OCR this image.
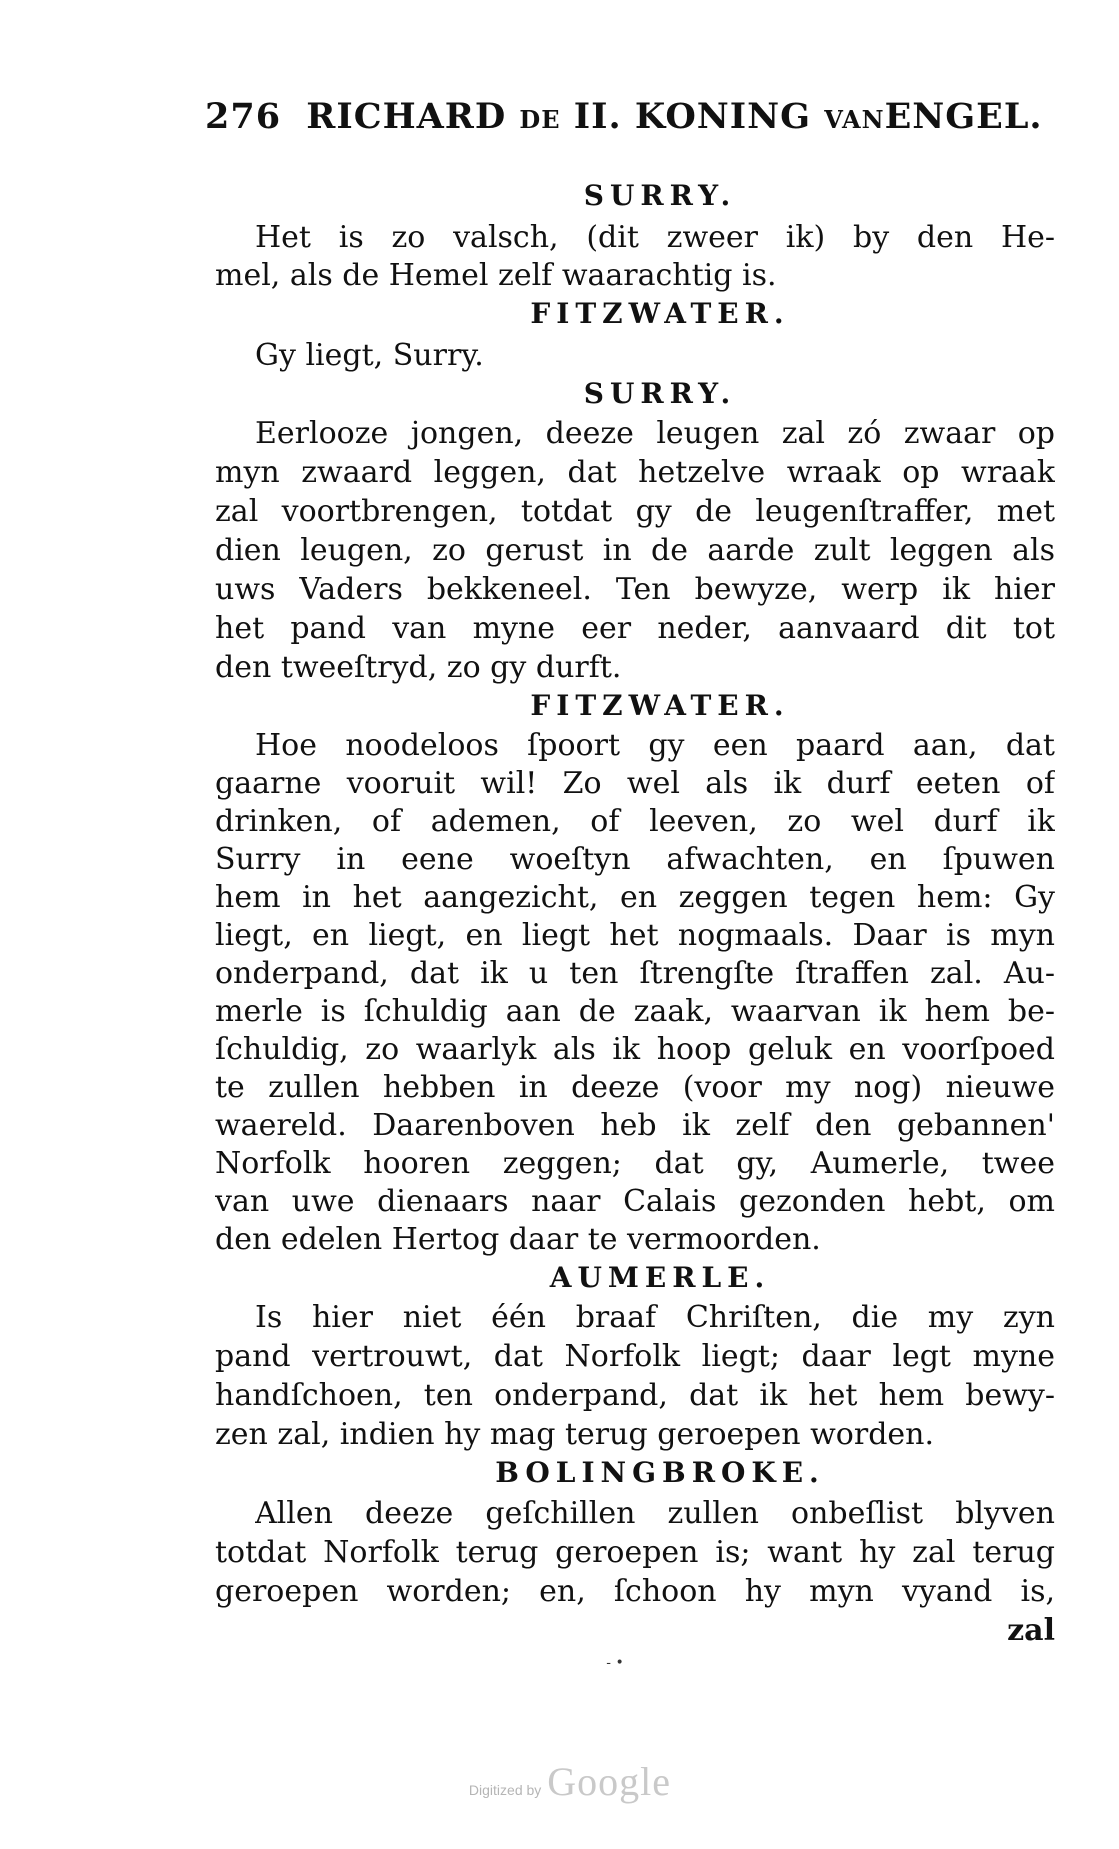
276 RICHARD DE II. KONING VANENGEL.
SURRY.
Het is zo valsch, (dit zweer ik) by den He-
mel, als de Hemel zelf waarachtig is.
FITZWATER.
Gy liegt, Surry.
SURRY.
Eerlooze jongen, deeze leugen zal zó zwaar op
myn zwaard leggen, dat hetzelve wraak op wraak
zal voortbrengen, totdat gy de leugenſtraffer, met
dien leugen, zo gerust in de aarde zult leggen als
uws Vaders bekkeneel. Ten bewyze, werp ik hier
het pand van myne eer neder, aanvaard dit tot
den tweeſtryd, zo gy durft.
FITZWATER.
Hoe noodeloos ſpoort gy een paard aan, dat
gaarne vooruit wil! Zo wel als ik durf eeten of
drinken, of ademen, of leeven, zo wel durf ik
Surry in eene woeſtyn afwachten, en ſpuwen
hem in het aangezicht, en zeggen tegen hem: Gy
liegt, en liegt, en liegt het nogmaals. Daar is myn
onderpand, dat ik u ten ſtrengſte ſtraffen zal. Au-
merle is ſchuldig aan de zaak, waarvan ik hem be-
ſchuldig, zo waarlyk als ik hoop geluk en voorſpoed
te zullen hebben in deeze (voor my nog) nieuwe
waereld. Daarenboven heb ik zelf den gebannen'
Norfolk hooren zeggen; dat gy, Aumerle, twee
van uwe dienaars naar Calais gezonden hebt, om
den edelen Hertog daar te vermoorden.
AUMERLE.
Is hier niet één braaf Chriſten, die my zyn
pand vertrouwt, dat Norfolk liegt; daar legt myne
handſchoen, ten onderpand, dat ik het hem bewy-
zen zal, indien hy mag terug geroepen worden.
BOLINGBROKE.
Allen deeze geſchillen zullen onbeſlist blyven
totdat Norfolk terug geroepen is; want hy zal terug
geroepen worden; en, ſchoon hy myn vyand is,
zal
- •
Digitized by Google
